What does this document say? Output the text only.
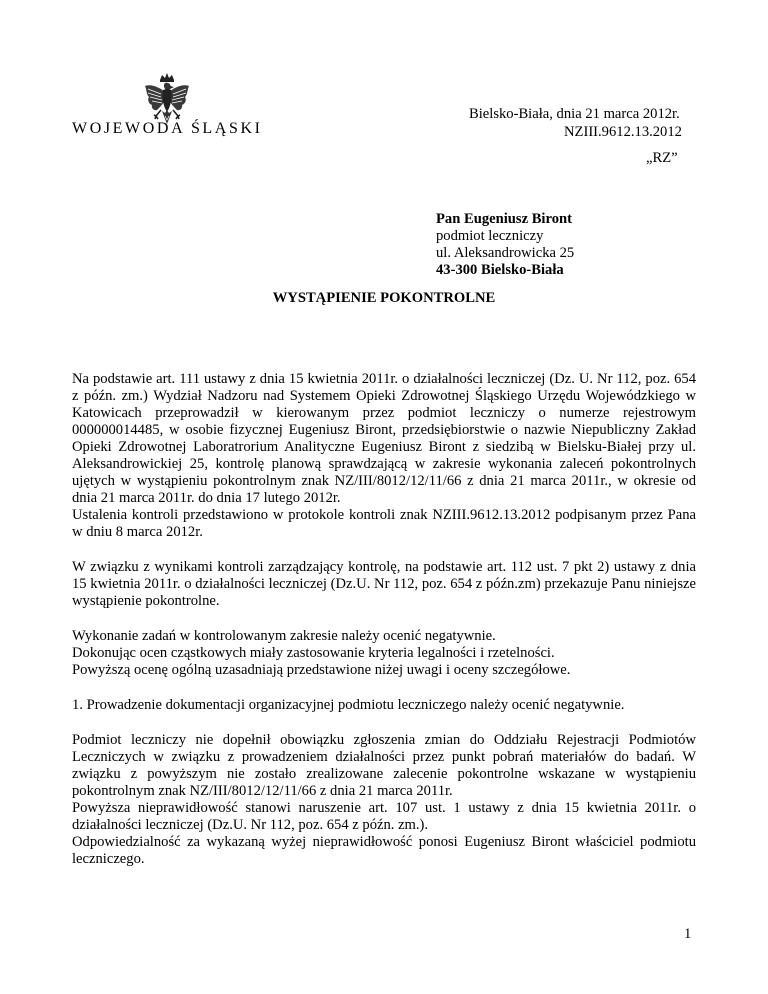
WOJEWODA ŚLĄSKI
Bielsko-Biała, dnia 21 marca 2012r.
NZIII.9612.13.2012
„RZ”
Pan Eugeniusz Biront
podmiot leczniczy
ul. Aleksandrowicka 25
43-300 Bielsko-Biała
WYSTĄPIENIE POKONTROLNE

Na podstawie art. 111 ustawy z dnia 15 kwietnia 2011r. o działalności leczniczej (Dz. U. Nr 112, poz. 654 z późn. zm.) Wydział Nadzoru nad Systemem Opieki Zdrowotnej Śląskiego Urzędu Wojewódzkiego w Katowicach przeprowadził w kierowanym przez podmiot leczniczy o numerze rejestrowym 000000014485, w osobie fizycznej Eugeniusz Biront, przedsiębiorstwie o nazwie Niepubliczny Zakład Opieki Zdrowotnej Laboratrorium Analityczne Eugeniusz Biront z siedzibą w Bielsku-Białej przy ul. Aleksandrowickiej 25, kontrolę planową sprawdzającą w zakresie wykonania zaleceń pokontrolnych ujętych w wystąpieniu pokontrolnym znak NZ/III/8012/12/11/66 z dnia 21 marca 2011r., w okresie od dnia 21 marca 2011r. do dnia 17 lutego 2012r.

Ustalenia kontroli przedstawiono w protokole kontroli znak NZIII.9612.13.2012 podpisanym przez Pana w dniu 8 marca 2012r.

W związku z wynikami kontroli zarządzający kontrolę, na podstawie art. 112 ust. 7 pkt 2) ustawy z dnia 15 kwietnia 2011r. o działalności leczniczej (Dz.U. Nr 112, poz. 654 z późn.zm) przekazuje Panu niniejsze wystąpienie pokontrolne.

Wykonanie zadań w kontrolowanym zakresie należy ocenić negatywnie.

Dokonując ocen cząstkowych miały zastosowanie kryteria legalności i rzetelności.

Powyższą ocenę ogólną uzasadniają przedstawione niżej uwagi i oceny szczegółowe.

1. Prowadzenie dokumentacji organizacyjnej podmiotu leczniczego należy ocenić negatywnie.

Podmiot leczniczy nie dopełnił obowiązku zgłoszenia zmian do Oddziału Rejestracji Podmiotów Leczniczych w związku z prowadzeniem działalności przez punkt pobrań materiałów do badań. W związku z powyższym nie zostało zrealizowane zalecenie pokontrolne wskazane w wystąpieniu pokontrolnym znak NZ/III/8012/12/11/66 z dnia 21 marca 2011r.

Powyższa nieprawidłowość stanowi naruszenie art. 107 ust. 1 ustawy z dnia 15 kwietnia 2011r. o działalności leczniczej (Dz.U. Nr 112, poz. 654 z późn. zm.).

Odpowiedzialność za wykazaną wyżej nieprawidłowość ponosi Eugeniusz Biront właściciel podmiotu leczniczego.

1
